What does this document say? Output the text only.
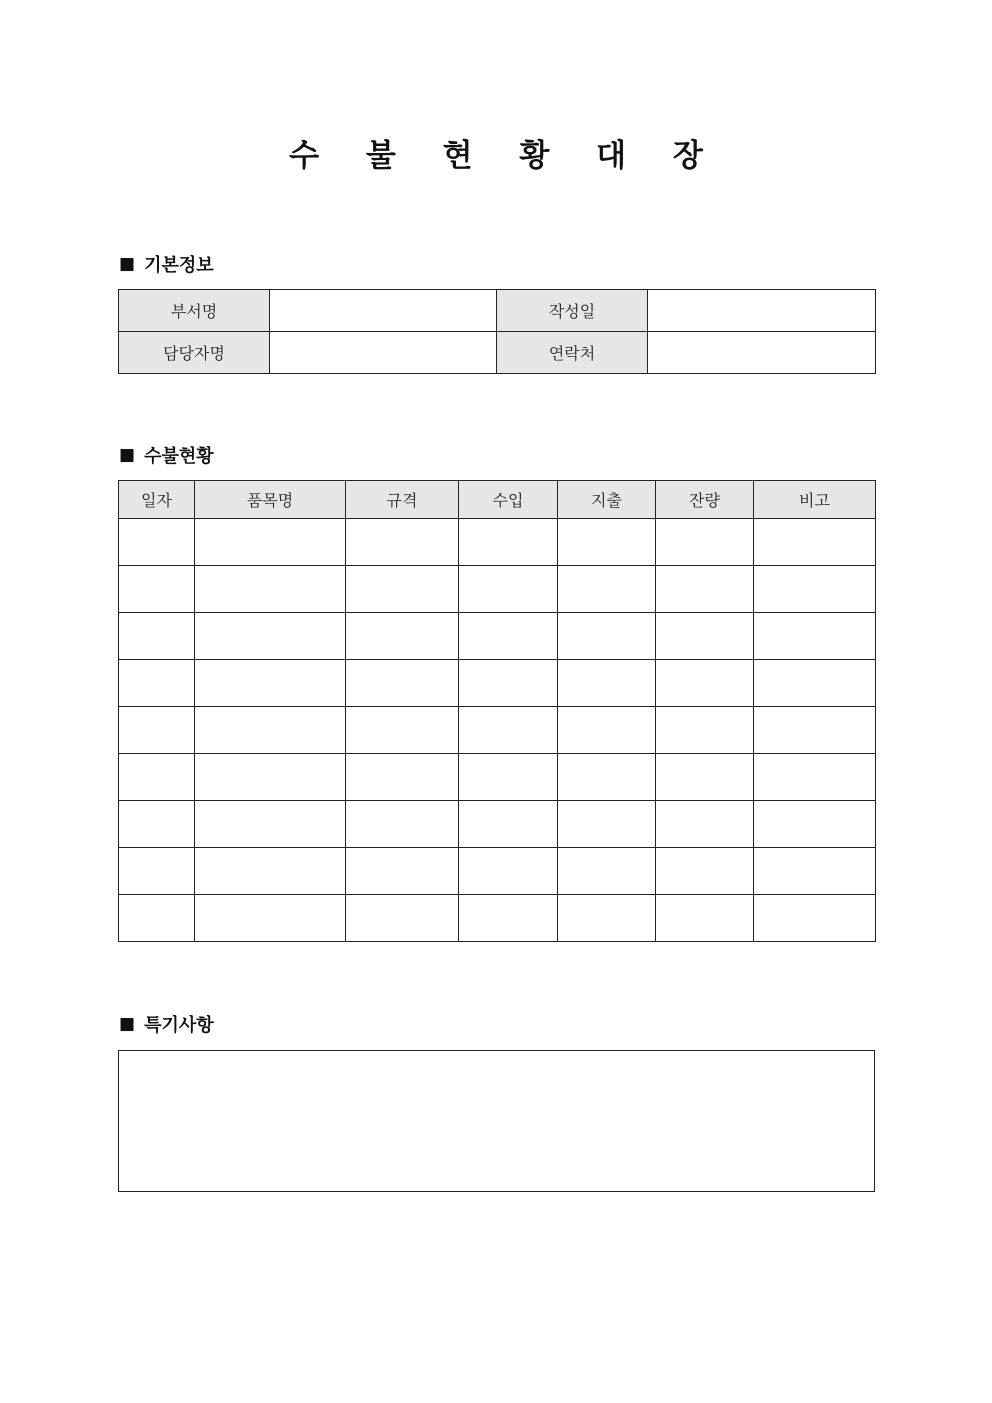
수 불 현 황 대 장
■ 기본정보
부서명		작성일	
담당자명		연락처	
■ 수불현황
일자	품목명	규격	수입	지출	잔량	비고

■ 특기사항
